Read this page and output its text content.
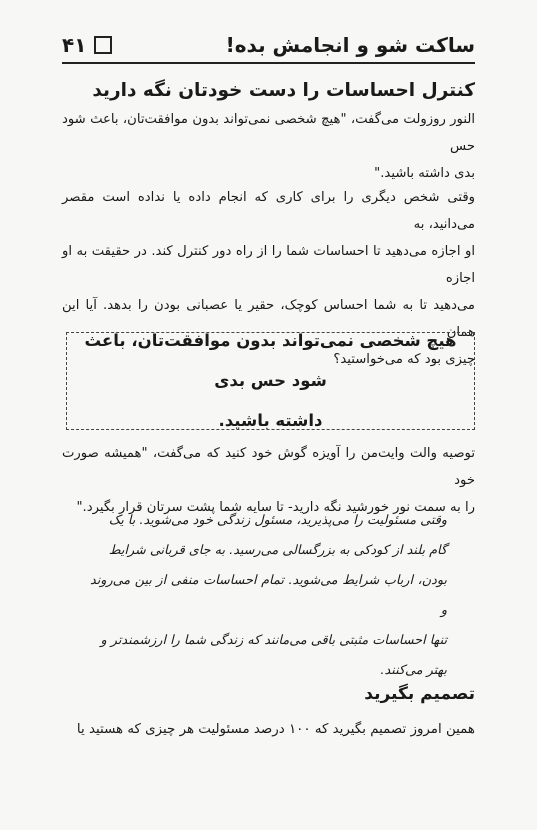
ساکت شو و انجامش بده!
۴۱
کنترل احساسات را دست خودتان نگه دارید
النور روزولت می‌گفت، "هیچ شخصی نمی‌تواند بدون موافقت‌تان، باعث شود حس
بدی داشته باشید."
وقتی شخص دیگری را برای کاری که انجام داده یا نداده است مقصر می‌دانید، به
او اجازه می‌دهید تا احساسات شما را از راه دور کنترل کند. در حقیقت به او اجازه
می‌دهید تا به شما احساس کوچک، حقیر یا عصبانی بودن را بدهد. آیا این همان
چیزی بود که می‌خواستید؟
هیچ شخصی نمی‌تواند بدون موافقت‌تان، باعث شود حس بدی
داشته باشید.
توصیه والت وایت‌من را آویزه گوش خود کنید که می‌گفت، "همیشه صورت خود
را به سمت نور خورشید نگه دارید- تا سایه شما پشت سرتان قرار بگیرد."
وقتی مسئولیت را می‌پذیرید، مسئول زندگی خود می‌شوید. با یک
گام بلند از کودکی به بزرگسالی می‌رسید. به جای قربانی شرایط
بودن، ارباب شرایط می‌شوید. تمام احساسات منفی از بین می‌روند و
تنها احساسات مثبتی باقی می‌مانند که زندگی شما را ارزشمندتر و
بهتر می‌کنند.
تصمیم بگیرید
همین امروز تصمیم بگیرید که ۱۰۰ درصد مسئولیت هر چیزی که هستید یا
